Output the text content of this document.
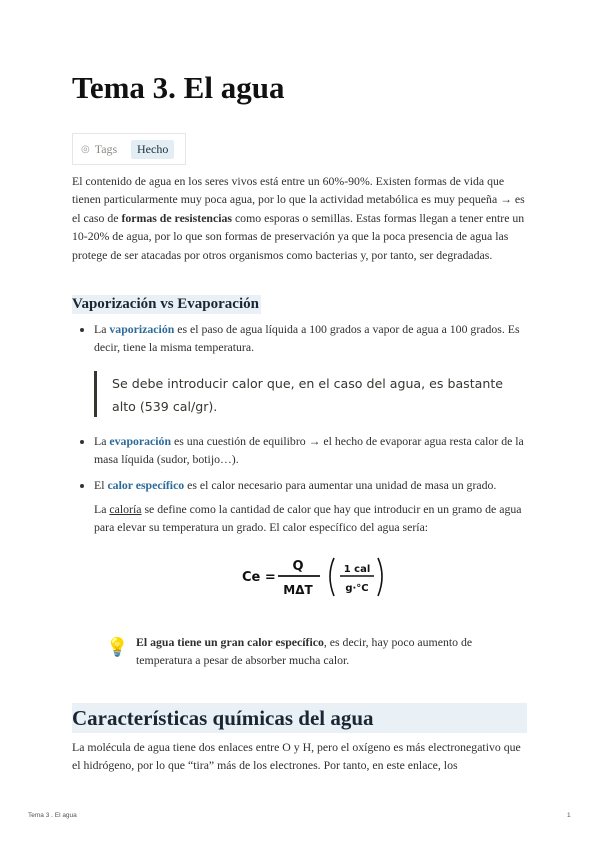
Tema 3. El agua
◎ Tags	Hecho

El contenido de agua en los seres vivos está entre un 60%-90%. Existen formas de vida que tienen particularmente muy poca agua, por lo que la actividad metabólica es muy pequeña → es el caso de formas de resistencias como esporas o semillas. Estas formas llegan a tener entre un 10-20% de agua, por lo que son formas de preservación ya que la poca presencia de agua las protege de ser atacadas por otros organismos como bacterias y, por tanto, ser degradadas.

Vaporización vs Evaporación

La vaporización es el paso de agua líquida a 100 grados a vapor de agua a 100 grados. Es decir, tiene la misma temperatura.

Se debe introducir calor que, en el caso del agua, es bastante alto (539 cal/gr).

La evaporación es una cuestión de equilibro → el hecho de evaporar agua resta calor de la masa líquida (sudor, botijo…).

El calor específico es el calor necesario para aumentar una unidad de masa un grado.

La caloría se define como la cantidad de calor que hay que introducir en un gramo de agua para elevar su temperatura un grado. El calor específico del agua sería:

Ce =
Q
MΔT
1 cal
g·°C
💡 El agua tiene un gran calor específico, es decir, hay poco aumento de temperatura a pesar de absorber mucha calor.

Características químicas del agua

La molécula de agua tiene dos enlaces entre O y H, pero el oxígeno es más electronegativo que el hidrógeno, por lo que “tira” más de los electrones. Por tanto, en este enlace, los

Tema 3 . El agua	1
